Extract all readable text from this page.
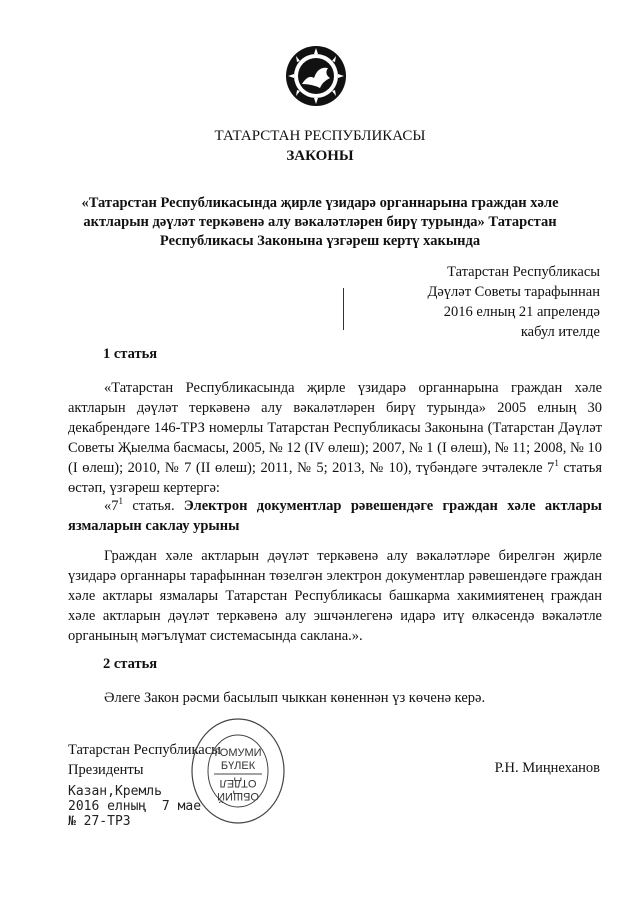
ТАТАРСТАН РЕСПУБЛИКАСЫ
ЗАКОНЫ
«Татарстан Республикасында җирле үзидарә органнарына граждан хәле
актларын дәүләт теркәвенә алу вәкаләтләрен бирү турында» Татарстан
Республикасы Законына үзгәреш кертү хакында
Татарстан Республикасы
Дәүләт Советы тарафыннан
2016 елның 21 апрелендә
кабул ителде
1 статья
«Татарстан Республикасында җирле үзидарә органнарына граждан хәле актларын дәүләт теркәвенә алу вәкаләтләрен бирү турында» 2005 елның 30 декабрендәге 146-ТРЗ номерлы Татарстан Республикасы Законына (Татарстан Дәүләт Советы Җыелма басмасы, 2005, № 12 (IV өлеш); 2007, № 1 (I өлеш), № 11; 2008, № 10 (I өлеш); 2010, № 7 (II өлеш); 2011, № 5; 2013, № 10), түбәндәге эчтәлекле $7^1$ статья өстәп, үзгәреш кертергә:
«$7^1$ статья. Электрон документлар рәвешендәге граждан хәле актлары язмаларын саклау урыны
Граждан хәле актларын дәүләт теркәвенә алу вәкаләтләре бирелгән җирле үзидарә органнары тарафыннан төзелгән электрон документлар рәвешендәге граждан хәле актлары язмалары Татарстан Республикасы башкарма хакимиятенең граждан хәле актларын дәүләт теркәвенә алу эшчәнлегенә идарә итү өлкәсендә вәкаләтле органының мәгълүмат системасында саклана.».
2 статья
Әлеге Закон рәсми басылып чыккан көненнән үз көченә керә.
Татарстан Республикасы
Президенты	Р.Н. Миңнеханов
Казан,Кремль
2016 елның  7 мае
№ 27-ТРЗ
ГОМУМИ
БҮЛЕК
ОТДЕЛ
ОБЩИЙ
